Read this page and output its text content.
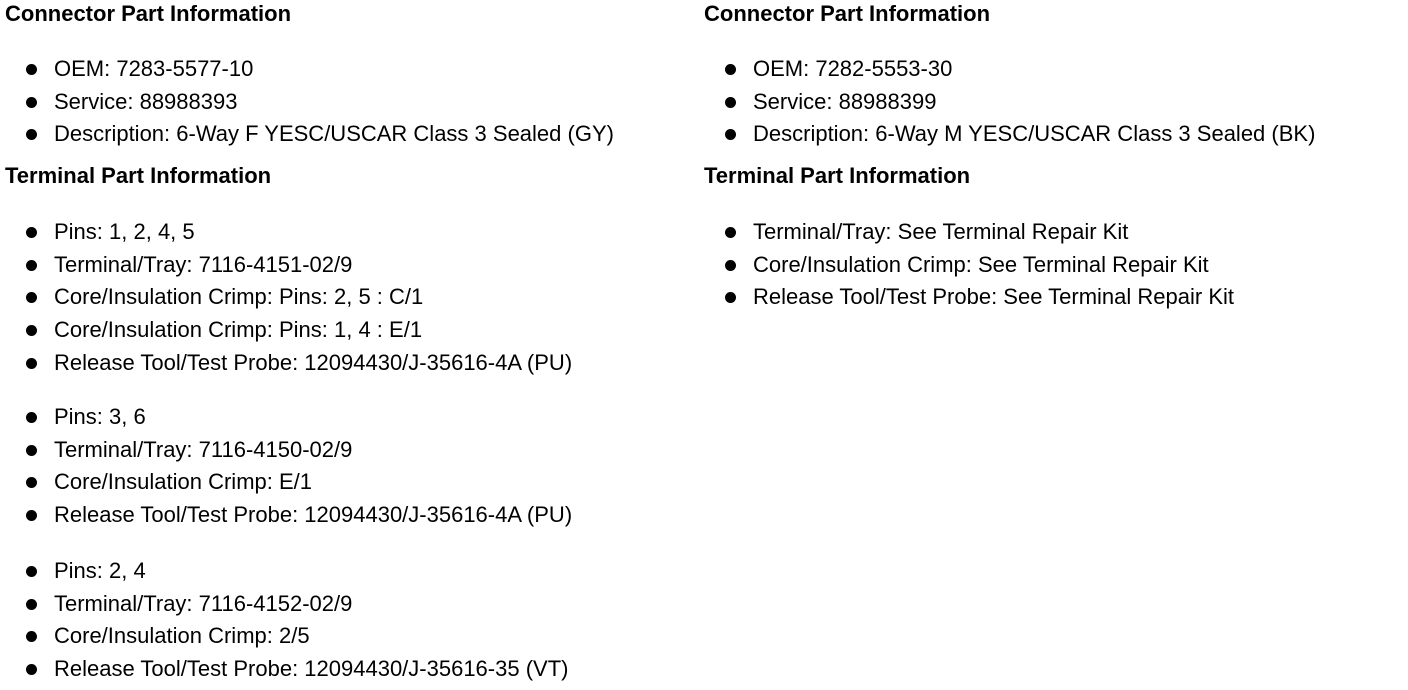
Connector Part Information
OEM: 7283-5577-10
Service: 88988393
Description: 6-Way F YESC/USCAR Class 3 Sealed (GY)
Terminal Part Information
Pins: 1, 2, 4, 5
Terminal/Tray: 7116-4151-02/9
Core/Insulation Crimp: Pins: 2, 5 : C/1
Core/Insulation Crimp: Pins: 1, 4 : E/1
Release Tool/Test Probe: 12094430/J-35616-4A (PU)
Pins: 3, 6
Terminal/Tray: 7116-4150-02/9
Core/Insulation Crimp: E/1
Release Tool/Test Probe: 12094430/J-35616-4A (PU)
Pins: 2, 4
Terminal/Tray: 7116-4152-02/9
Core/Insulation Crimp: 2/5
Release Tool/Test Probe: 12094430/J-35616-35 (VT)
Connector Part Information
OEM: 7282-5553-30
Service: 88988399
Description: 6-Way M YESC/USCAR Class 3 Sealed (BK)
Terminal Part Information
Terminal/Tray: See Terminal Repair Kit
Core/Insulation Crimp: See Terminal Repair Kit
Release Tool/Test Probe: See Terminal Repair Kit
